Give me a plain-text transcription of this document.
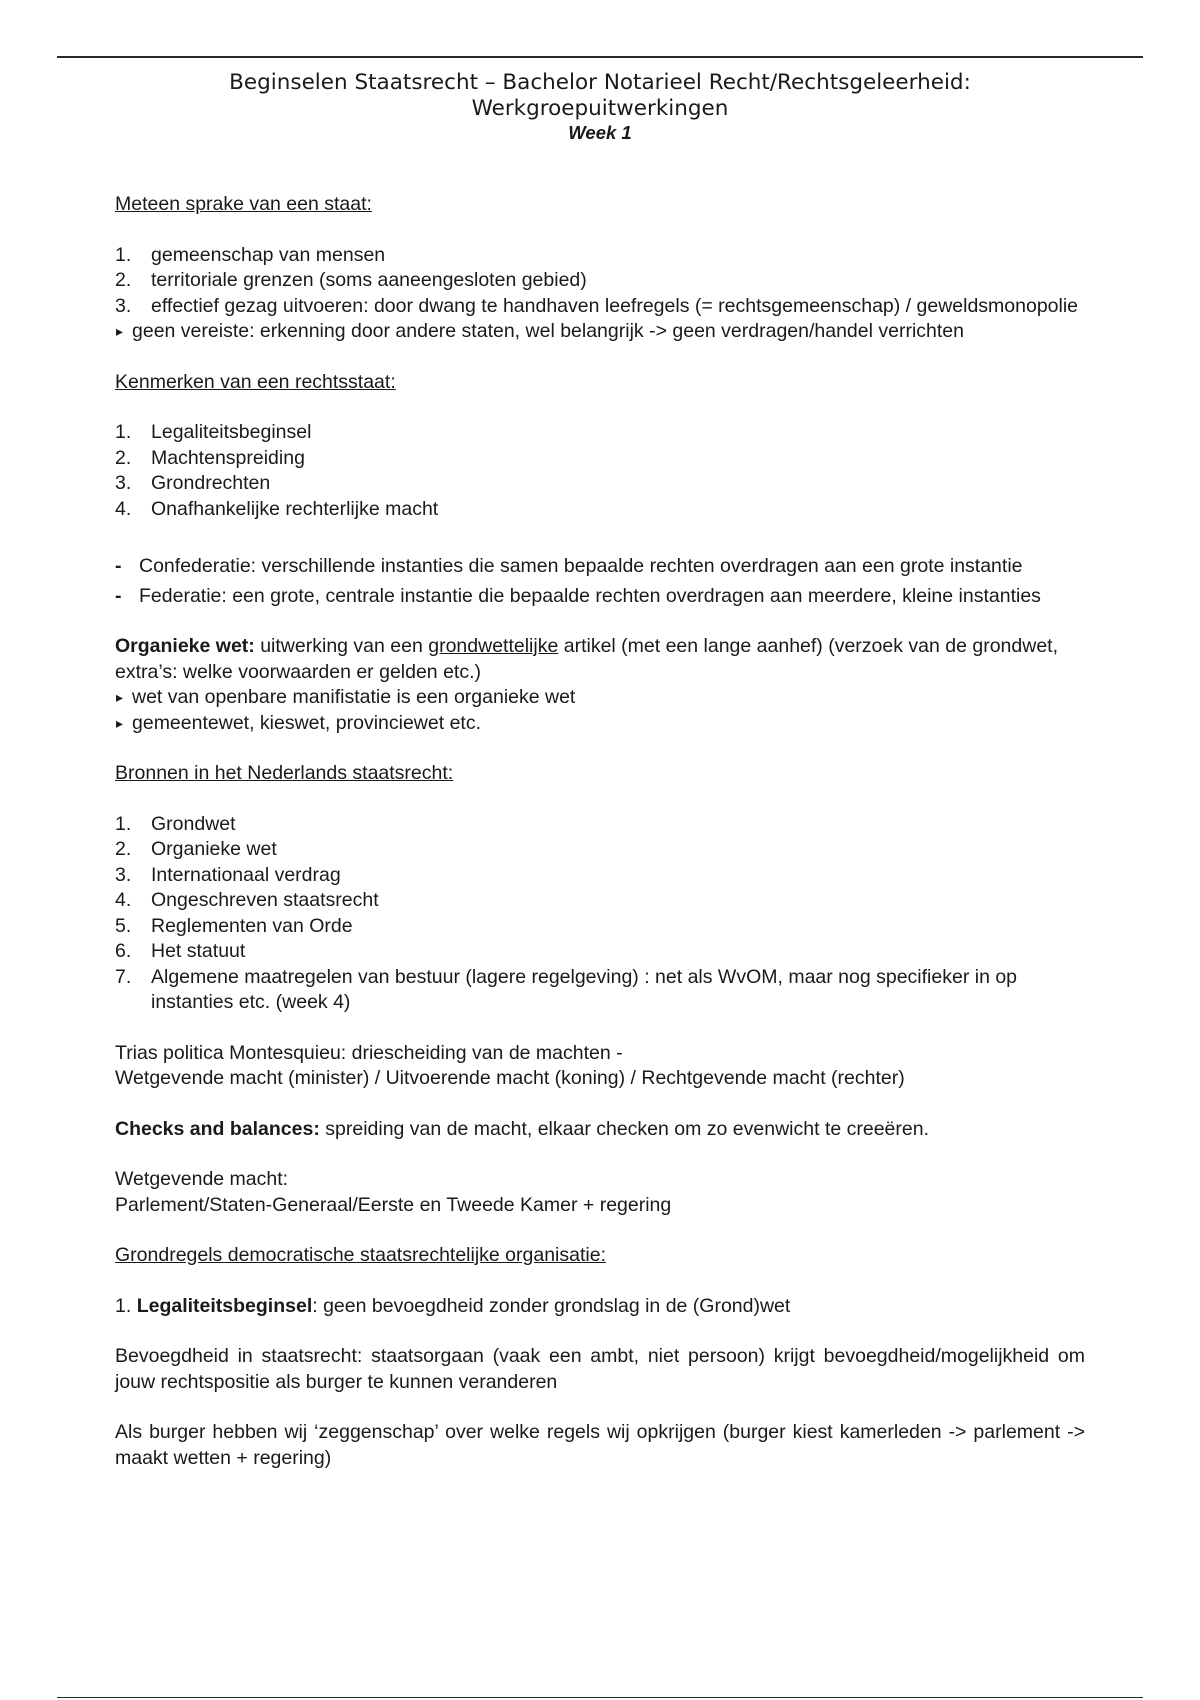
Beginselen Staatsrecht – Bachelor Notarieel Recht/Rechtsgeleerheid:
Werkgroepuitwerkingen
Week 1

Meteen sprake van een staat:

1. gemeenschap van mensen
2. territoriale grenzen (soms aaneengesloten gebied)
3. effectief gezag uitvoeren: door dwang te handhaven leefregels (= rechtsgemeenschap) / geweldsmonopolie

▸ geen vereiste: erkenning door andere staten, wel belangrijk -> geen verdragen/handel verrichten

Kenmerken van een rechtsstaat:

1. Legaliteitsbeginsel
2. Machtenspreiding
3. Grondrechten
4. Onafhankelijke rechterlijke macht

- Confederatie: verschillende instanties die samen bepaalde rechten overdragen aan een grote instantie

- Federatie: een grote, centrale instantie die bepaalde rechten overdragen aan meerdere, kleine instanties

Organieke wet: uitwerking van een grondwettelijke artikel (met een lange aanhef) (verzoek van de grondwet, extra’s: welke voorwaarden er gelden etc.)

▸ wet van openbare manifistatie is een organieke wet

▸ gemeentewet, kieswet, provinciewet etc.

Bronnen in het Nederlands staatsrecht:

1. Grondwet
2. Organieke wet
3. Internationaal verdrag
4. Ongeschreven staatsrecht
5. Reglementen van Orde
6. Het statuut
7. Algemene maatregelen van bestuur (lagere regelgeving) : net als WvOM, maar nog specifieker in op instanties etc. (week 4)

Trias politica Montesquieu: driescheiding van de machten -

Wetgevende macht (minister) / Uitvoerende macht (koning) / Rechtgevende macht (rechter)

Checks and balances: spreiding van de macht, elkaar checken om zo evenwicht te creeëren.

Wetgevende macht:

Parlement/Staten-Generaal/Eerste en Tweede Kamer + regering

Grondregels democratische staatsrechtelijke organisatie:

1. Legaliteitsbeginsel: geen bevoegdheid zonder grondslag in de (Grond)wet

Bevoegdheid in staatsrecht: staatsorgaan (vaak een ambt, niet persoon) krijgt bevoegdheid/mogelijkheid om jouw rechtspositie als burger te kunnen veranderen

Als burger hebben wij ‘zeggenschap’ over welke regels wij opkrijgen (burger kiest kamerleden -> parlement -> maakt wetten + regering)
